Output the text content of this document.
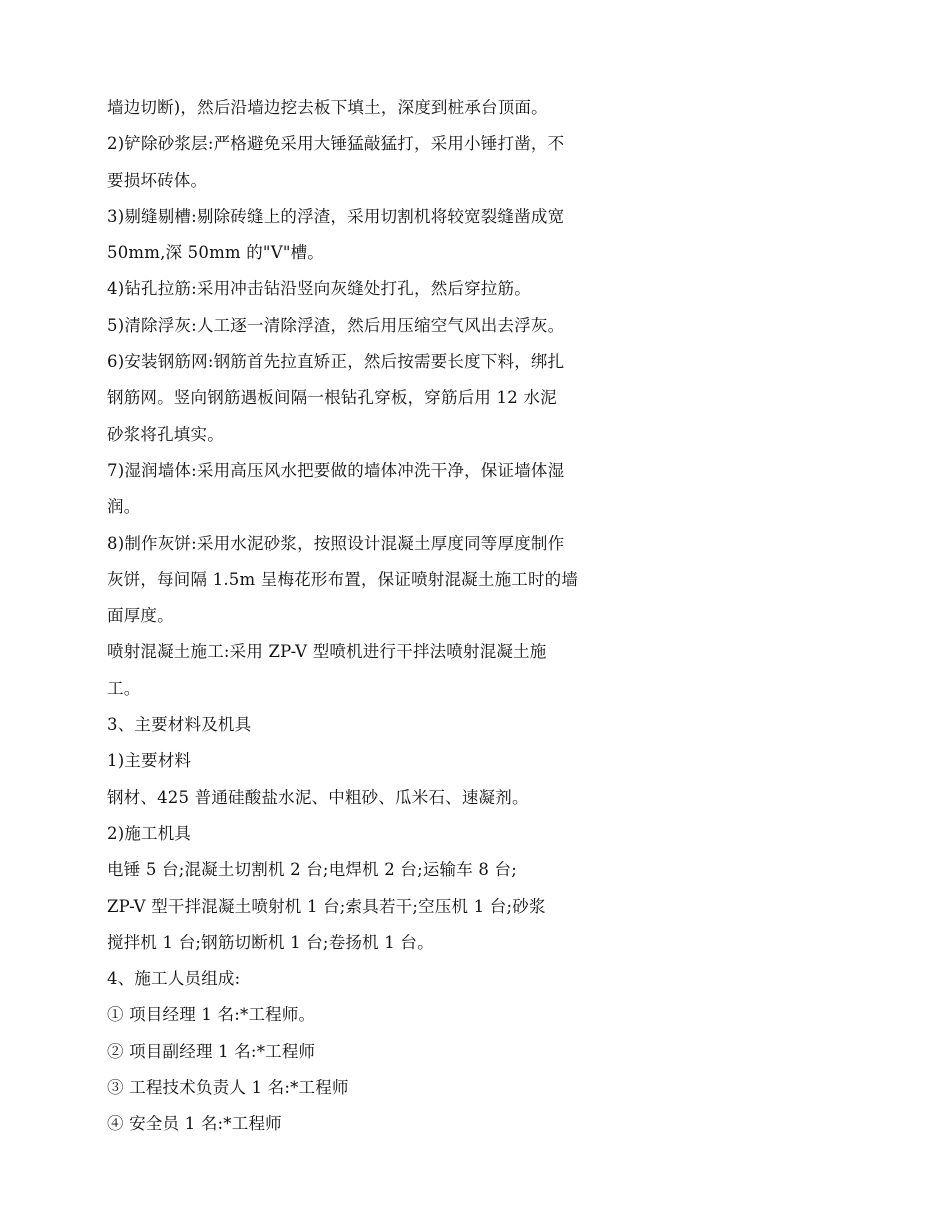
墙边切断)，然后沿墙边挖去板下填土，深度到桩承台顶面。
2)铲除砂浆层:严格避免采用大锤猛敲猛打，采用小锤打凿，不
要损坏砖体。
3)剔缝剔槽:剔除砖缝上的浮渣，采用切割机将较宽裂缝凿成宽
50mm,深 50mm 的"V"槽。
4)钻孔拉筋:采用冲击钻沿竖向灰缝处打孔，然后穿拉筋。
5)清除浮灰:人工逐一清除浮渣，然后用压缩空气风出去浮灰。
6)安装钢筋网:钢筋首先拉直矫正，然后按需要长度下料，绑扎
钢筋网。竖向钢筋遇板间隔一根钻孔穿板，穿筋后用 12 水泥
砂浆将孔填实。
7)湿润墙体:采用高压风水把要做的墙体冲洗干净，保证墙体湿
润。
8)制作灰饼:采用水泥砂浆，按照设计混凝土厚度同等厚度制作
灰饼，每间隔 1.5m 呈梅花形布置，保证喷射混凝土施工时的墙
面厚度。
喷射混凝土施工:采用 ZP-V 型喷机进行干拌法喷射混凝土施
工。
3、主要材料及机具
1)主要材料
钢材、425 普通硅酸盐水泥、中粗砂、瓜米石、速凝剂。
2)施工机具
电锤 5 台;混凝土切割机 2 台;电焊机 2 台;运输车 8 台;
ZP-V 型干拌混凝土喷射机 1 台;索具若干;空压机 1 台;砂浆
搅拌机 1 台;钢筋切断机 1 台;卷扬机 1 台。
4、施工人员组成:
① 项目经理 1 名:*工程师。
② 项目副经理 1 名:*工程师
③ 工程技术负责人 1 名:*工程师
④ 安全员 1 名:*工程师
